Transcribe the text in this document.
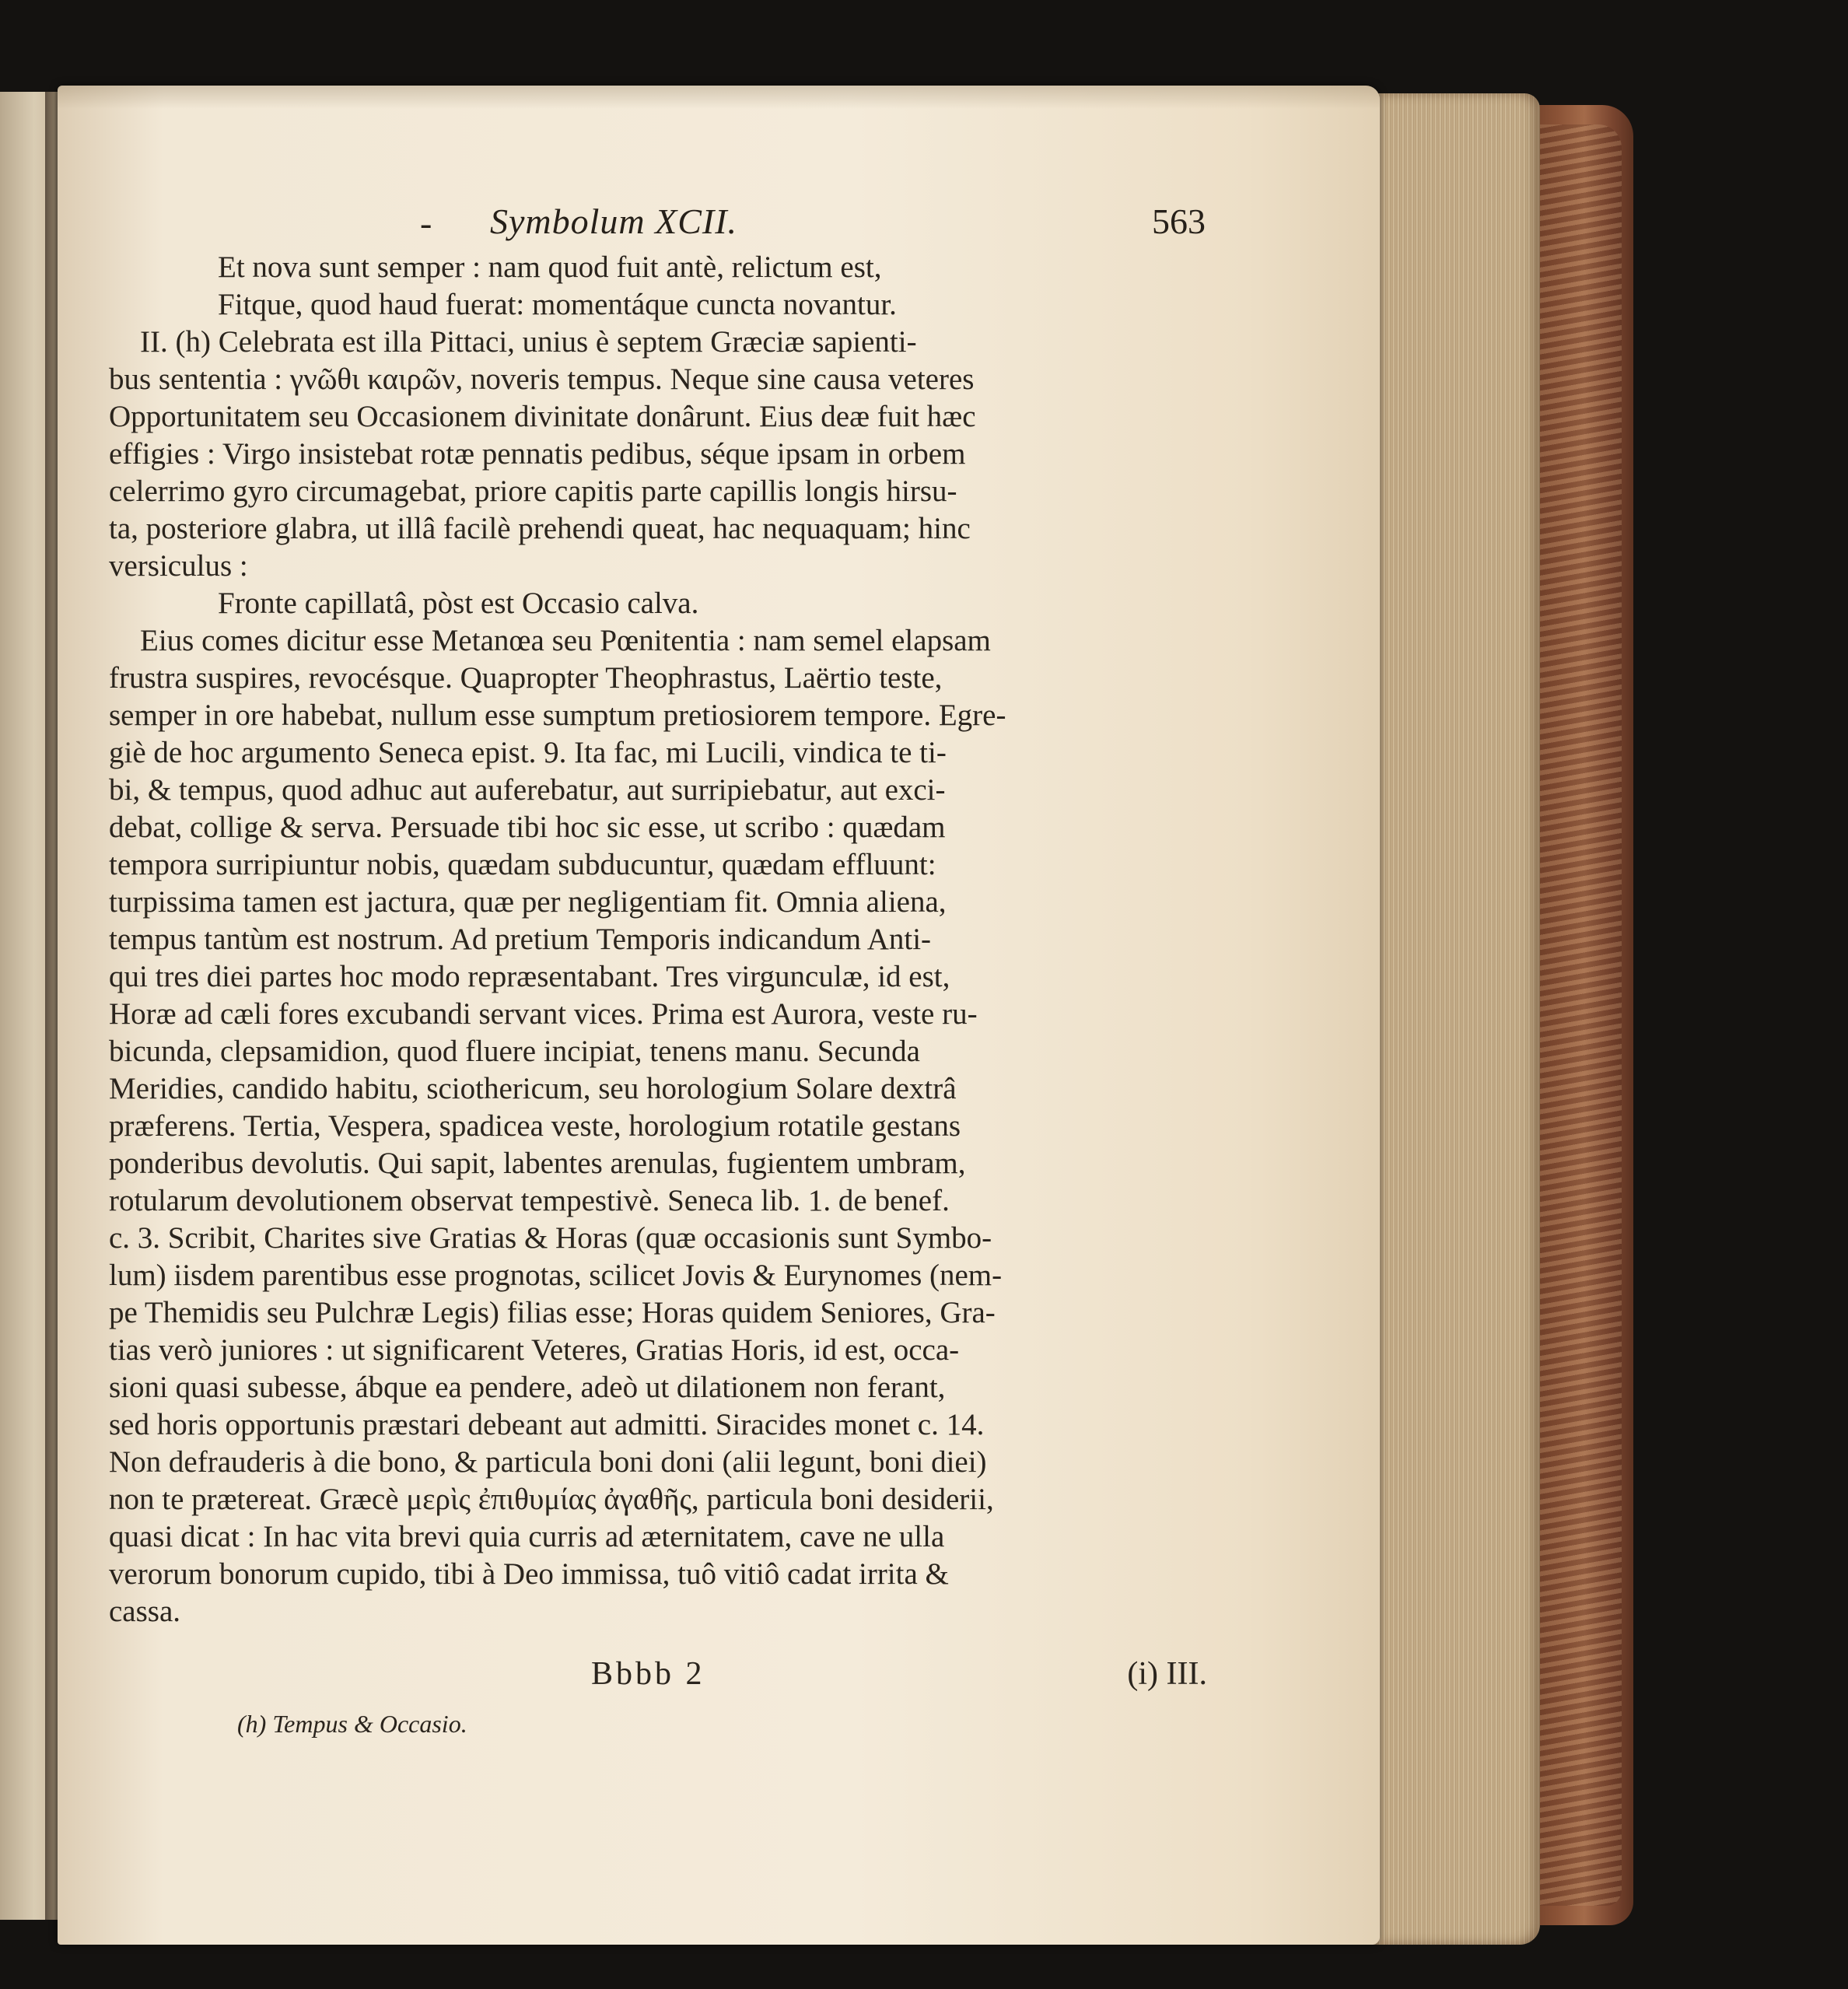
- Symbolum XCII.	563
Et nova sunt semper : nam quod fuit antè, relictum est,
Fitque, quod haud fuerat: momentáque cuncta novantur.
II. (h) Celebrata est illa Pittaci, unius è septem Græciæ sapienti-
bus sententia : γνῶθι καιρῶν, noveris tempus. Neque sine causa veteres
Opportunitatem seu Occasionem divinitate donârunt. Eius deæ fuit hæc
effigies : Virgo insistebat rotæ pennatis pedibus, séque ipsam in orbem
celerrimo gyro circumagebat, priore capitis parte capillis longis hirsu-
ta, posteriore glabra, ut illâ facilè prehendi queat, hac nequaquam; hinc
versiculus :
Fronte capillatâ, pòst est Occasio calva.
Eius comes dicitur esse Metanœa seu Pœnitentia : nam semel elapsam
frustra suspires, revocésque. Quapropter Theophrastus, Laërtio teste,
semper in ore habebat, nullum esse sumptum pretiosiorem tempore. Egre-
giè de hoc argumento Seneca epist. 9. Ita fac, mi Lucili, vindica te ti-
bi, & tempus, quod adhuc aut auferebatur, aut surripiebatur, aut exci-
debat, collige & serva. Persuade tibi hoc sic esse, ut scribo : quædam
tempora surripiuntur nobis, quædam subducuntur, quædam effluunt:
turpissima tamen est jactura, quæ per negligentiam fit. Omnia aliena,
tempus tantùm est nostrum. Ad pretium Temporis indicandum Anti-
qui tres diei partes hoc modo repræsentabant. Tres virgunculæ, id est,
Horæ ad cæli fores excubandi servant vices. Prima est Aurora, veste ru-
bicunda, clepsamidion, quod fluere incipiat, tenens manu. Secunda
Meridies, candido habitu, sciothericum, seu horologium Solare dextrâ
præferens. Tertia, Vespera, spadicea veste, horologium rotatile gestans
ponderibus devolutis. Qui sapit, labentes arenulas, fugientem umbram,
rotularum devolutionem observat tempestivè. Seneca lib. 1. de benef.
c. 3. Scribit, Charites sive Gratias & Horas (quæ occasionis sunt Symbo-
lum) iisdem parentibus esse prognotas, scilicet Jovis & Eurynomes (nem-
pe Themidis seu Pulchræ Legis) filias esse; Horas quidem Seniores, Gra-
tias verò juniores : ut significarent Veteres, Gratias Horis, id est, occa-
sioni quasi subesse, ábque ea pendere, adeò ut dilationem non ferant,
sed horis opportunis præstari debeant aut admitti. Siracides monet c. 14.
Non defrauderis à die bono, & particula boni doni (alii legunt, boni diei)
non te prætereat. Græcè μερὶς ἐπιθυμίας ἀγαθῆς, particula boni desiderii,
quasi dicat : In hac vita brevi quia curris ad æternitatem, cave ne ulla
verorum bonorum cupido, tibi à Deo immissa, tuô vitiô cadat irrita &
cassa.
Bbbb 2	(i) III.
(h) Tempus & Occasio.
